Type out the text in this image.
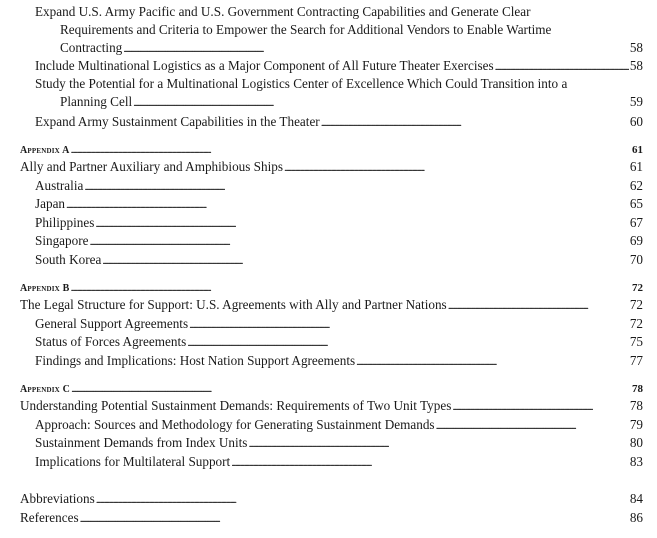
Expand U.S. Army Pacific and U.S. Government Contracting Capabilities and Generate Clear
Requirements and Criteria to Empower the Search for Additional Vendors to Enable Wartime
Contracting . . .	58
Include Multinational Logistics as a Major Component of All Future Theater Exercises . . .	58
Study the Potential for a Multinational Logistics Center of Excellence Which Could Transition into a
Planning Cell . . .	59
Expand Army Sustainment Capabilities in the Theater . . .	60
Appendix A . . .	61
Ally and Partner Auxiliary and Amphibious Ships . . .	61
Australia . . .	62
Japan . . .	65
Philippines . . .	67
Singapore . . .	69
South Korea . . .	70
Appendix B . . .	72
The Legal Structure for Support: U.S. Agreements with Ally and Partner Nations . . .	72
General Support Agreements . . .	72
Status of Forces Agreements . . .	75
Findings and Implications: Host Nation Support Agreements . . .	77
Appendix C . . .	78
Understanding Potential Sustainment Demands: Requirements of Two Unit Types . . .	78
Approach: Sources and Methodology for Generating Sustainment Demands . . .	79
Sustainment Demands from Index Units . . .	80
Implications for Multilateral Support . . .	83
Abbreviations . . .	84
References . . .	86
